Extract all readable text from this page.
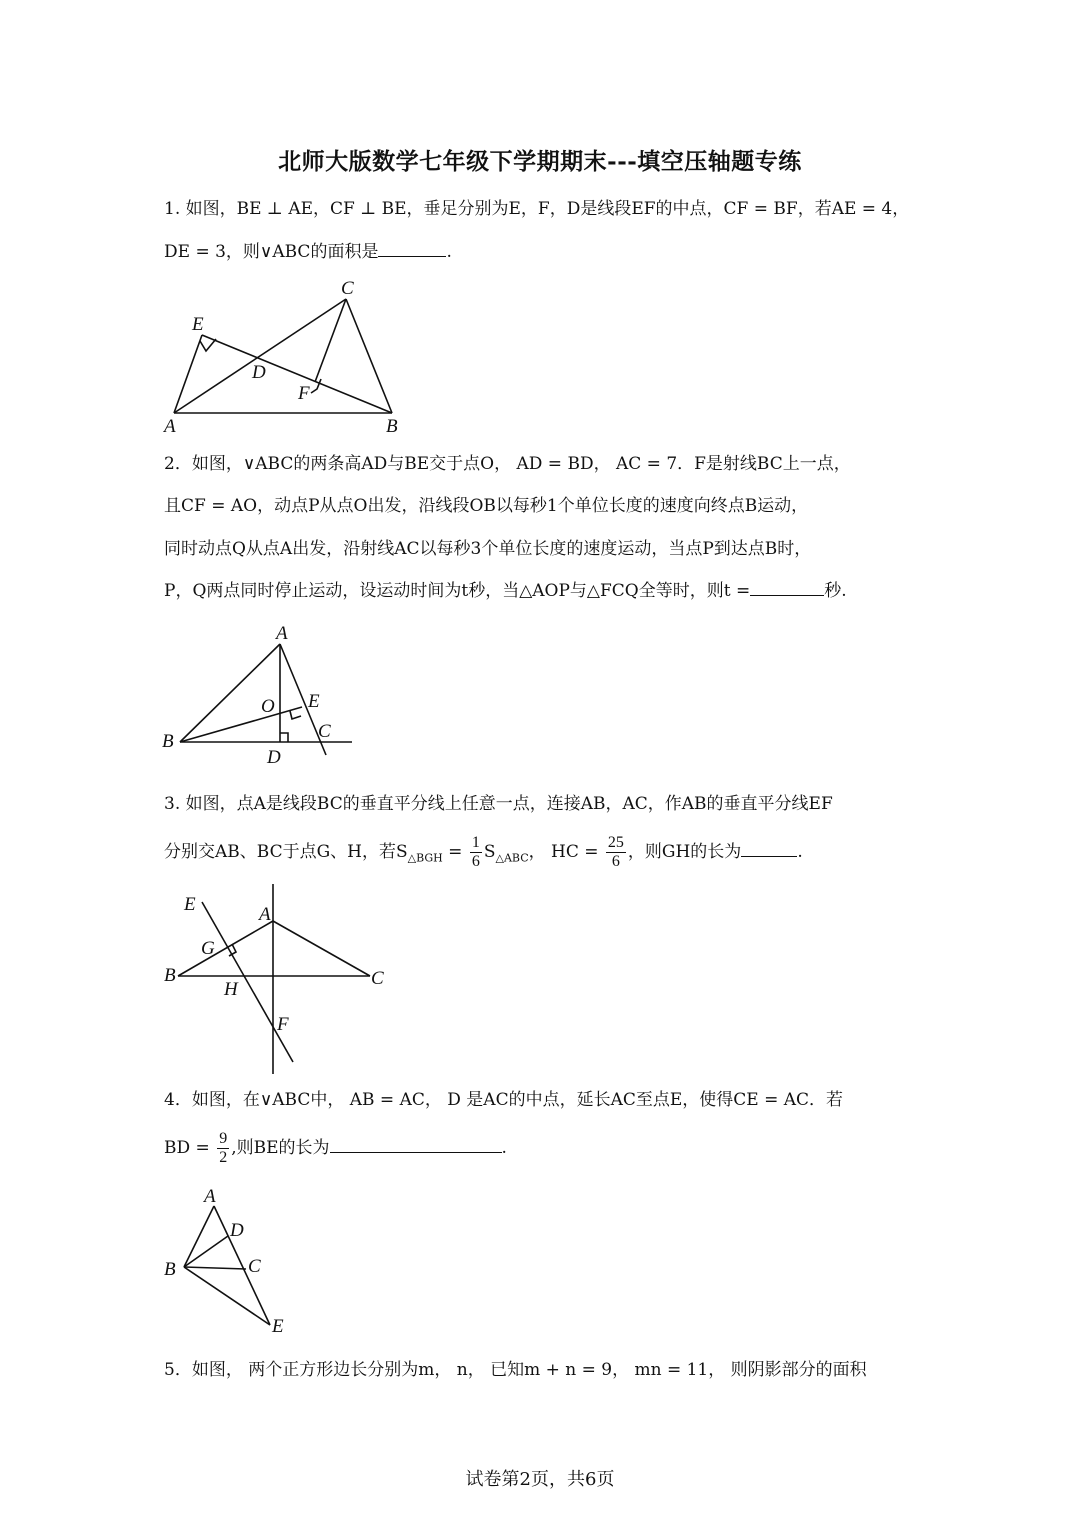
北师大版数学七年级下学期期末---填空压轴题专练
1. 如图，BE ⊥ AE，CF ⊥ BE，垂足分别为E，F，D是线段EF的中点，CF = BF，若AE = 4，
DE = 3，则∨ABC的面积是	.
E
C
D
F
A	B
2．如图，∨ABC的两条高AD与BE交于点O， AD = BD， AC = 7．F是射线BC上一点，
且CF = AO，动点P从点O出发，沿线段OB以每秒1个单位长度的速度向终点B运动，
同时动点Q从点A出发，沿射线AC以每秒3个单位长度的速度运动，当点P到达点B时，
P，Q两点同时停止运动，设运动时间为t秒，当△AOP与△FCQ全等时，则t =	秒.
A
O E
C
B
D
3. 如图，点A是线段BC的垂直平分线上任意一点，连接AB，AC，作AB的垂直平分线EF
分别交AB、BC于点G、H，若$S_{\triangle BGH} = \frac{1}{6} S_{\triangle ABC}$， HC = $\frac{25}{6}$ ，则GH的长为	.
E	A
G
B	C
H
F
4．如图，在∨ABC中， AB = AC， D 是AC的中点，延长AC至点E，使得CE = AC．若
BD = $\frac{9}{2}$ ,则BE的长为	.
A
D
C
B
E
5．如图， 两个正方形边长分别为m， n， 已知m + n = 9， mn = 11， 则阴影部分的面积
试卷第2页，共6页
